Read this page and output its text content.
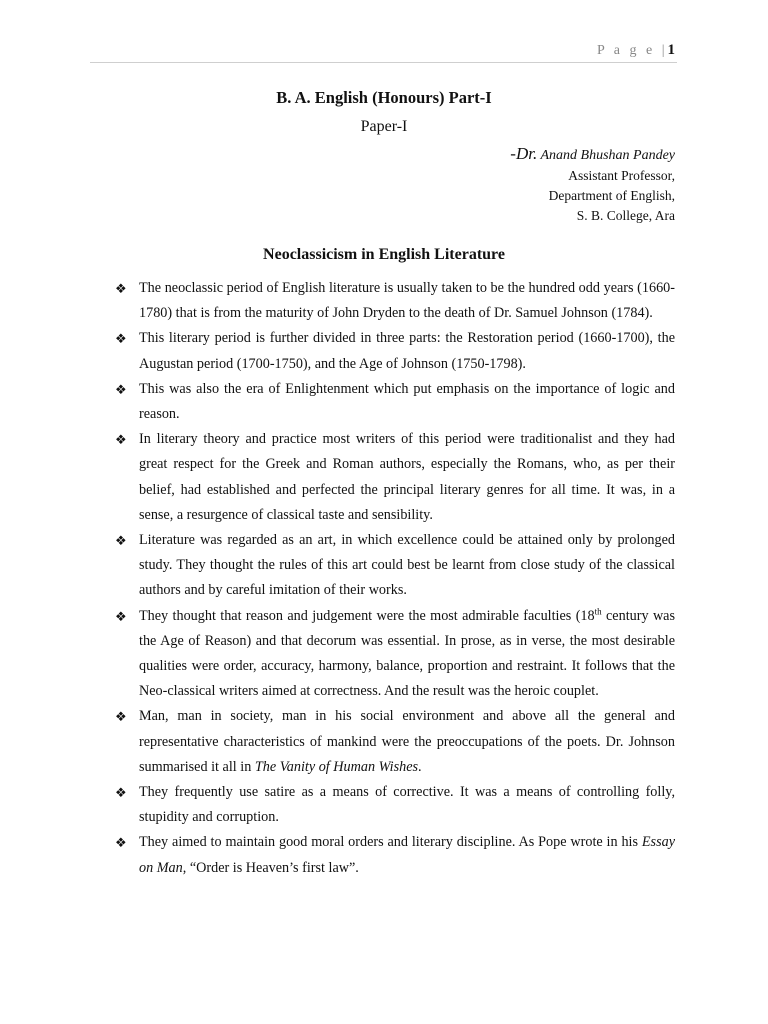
P a g e |1
B. A. English (Honours) Part-I
Paper-I
-Dr. Anand Bhushan Pandey
Assistant Professor,
Department of English,
S. B. College, Ara
Neoclassicism in English Literature
❖ The neoclassic period of English literature is usually taken to be the hundred odd years (1660-1780) that is from the maturity of John Dryden to the death of Dr. Samuel Johnson (1784).
❖ This literary period is further divided in three parts: the Restoration period (1660-1700), the Augustan period (1700-1750), and the Age of Johnson (1750-1798).
❖ This was also the era of Enlightenment which put emphasis on the importance of logic and reason.
❖ In literary theory and practice most writers of this period were traditionalist and they had great respect for the Greek and Roman authors, especially the Romans, who, as per their belief, had established and perfected the principal literary genres for all time. It was, in a sense, a resurgence of classical taste and sensibility.
❖ Literature was regarded as an art, in which excellence could be attained only by prolonged study. They thought the rules of this art could best be learnt from close study of the classical authors and by careful imitation of their works.
❖ They thought that reason and judgement were the most admirable faculties (18th century was the Age of Reason) and that decorum was essential. In prose, as in verse, the most desirable qualities were order, accuracy, harmony, balance, proportion and restraint. It follows that the Neo-classical writers aimed at correctness. And the result was the heroic couplet.
❖ Man, man in society, man in his social environment and above all the general and representative characteristics of mankind were the preoccupations of the poets. Dr. Johnson summarised it all in The Vanity of Human Wishes.
❖ They frequently use satire as a means of corrective. It was a means of controlling folly, stupidity and corruption.
❖ They aimed to maintain good moral orders and literary discipline. As Pope wrote in his Essay on Man, “Order is Heaven’s first law”.
